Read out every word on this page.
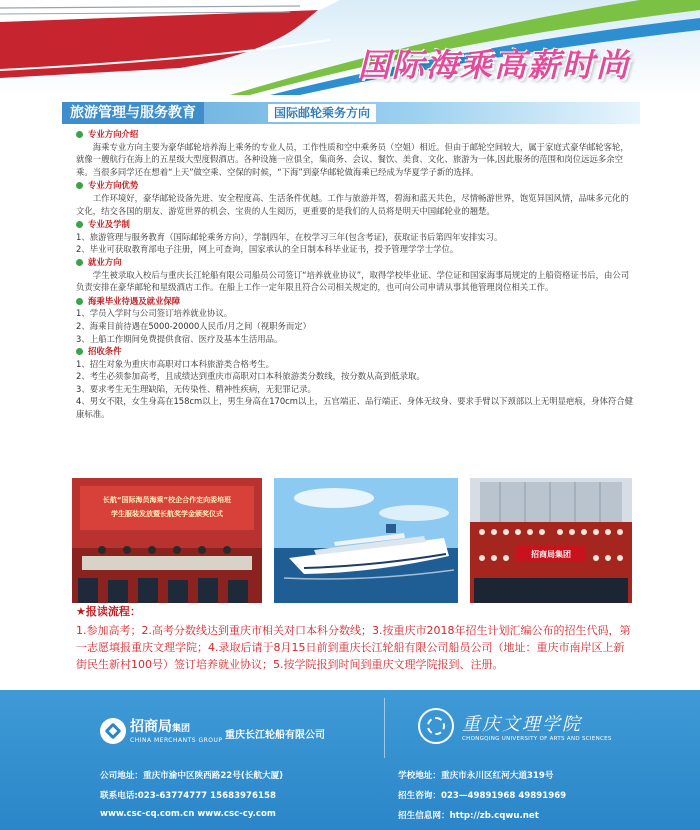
国际海乘高薪时尚
旅游管理与服务教育	国际邮轮乘务方向
专业方向介绍
海乘专业方向主要为豪华邮轮培养海上乘务的专业人员，工作性质和空中乘务员（空姐）相近。但由于邮轮空间较大，属于家庭式豪华邮轮客轮，就像一艘航行在海上的五星级大型度假酒店。各种设施一应俱全，集商务、会议、餐饮、美食、文化、旅游为一体,因此服务的范围和岗位远远多余空乘。当很多同学还在想着“上天”做空乘、空保的时候，“下海”到豪华邮轮做海乘已经成为华夏学子新的选择。
专业方向优势
工作环境好，豪华邮轮设备先进、安全程度高、生活条件优越。工作与旅游并驾，碧海和蓝天共色，尽情畅游世界，饱览异国风情，品味多元化的文化，结交各国的朋友、游览世界的机会、宝贵的人生阅历，更重要的是我们的人员将是明天中国邮轮业的翘楚。
专业及学制
1、旅游管理与服务教育（国际邮轮乘务方向），学制四年，在校学习三年(包含考证)，获取证书后第四年安排实习。
2、毕业可获取教育部电子注册，网上可查询，国家承认的全日制本科毕业证书，授予管理学学士学位。
就业方向
学生被录取入校后与重庆长江轮船有限公司船员公司签订“培养就业协议”，取得学校毕业证、学位证和国家海事局规定的上船资格证书后，由公司负责安排在豪华邮轮和星级酒店工作。在船上工作一定年限且符合公司相关规定的，也可向公司申请从事其他管理岗位相关工作。
海乘毕业待遇及就业保障
1、学员入学时与公司签订培养就业协议。
2、海乘目前待遇在5000-20000人民币/月之间（视职务而定）
3、上船工作期间免费提供食宿、医疗及基本生活用品。
招收条件
1、招生对象为重庆市高职对口本科旅游类合格考生。
2、考生必须参加高考，且成绩达到重庆市高职对口本科旅游类分数线，按分数从高到低录取。
3、要求考生无生理缺陷，无传染性、精神性疾病，无犯罪记录。
4、男女不限，女生身高在158cm以上，男生身高在170cm以上，五官端正、品行端正、身体无纹身、要求手臂以下颈部以上无明显疤痕，身体符合健康标准。
长航“国际海员海乘”校企合作定向委培班
学生服装发放暨长航奖学金颁奖仪式
招商局集团
★报读流程：
1.参加高考；2.高考分数线达到重庆市相关对口本科分数线；3.按重庆市2018年招生计划汇编公布的招生代码，第一志愿填报重庆文理学院；4.录取后请于8月15日前到重庆长江轮船有限公司船员公司（地址：重庆市南岸区上新街民生新村100号）签订培养就业协议；5.按学院报到时间到重庆文理学院报到、注册。
招商局集团
CHINA MERCHANTS GROUP 重庆长江轮船有限公司
重庆文理学院
CHONGQING UNIVERSITY OF ARTS AND SCIENCES
公司地址：重庆市渝中区陕西路22号(长航大厦)
联系电话:023-63774777 15683976158
www.csc-cq.com.cn www.csc-cy.com
学校地址：重庆市永川区红河大道319号
招生咨询：023—49891968 49891969
招生信息网：http://zb.cqwu.net
